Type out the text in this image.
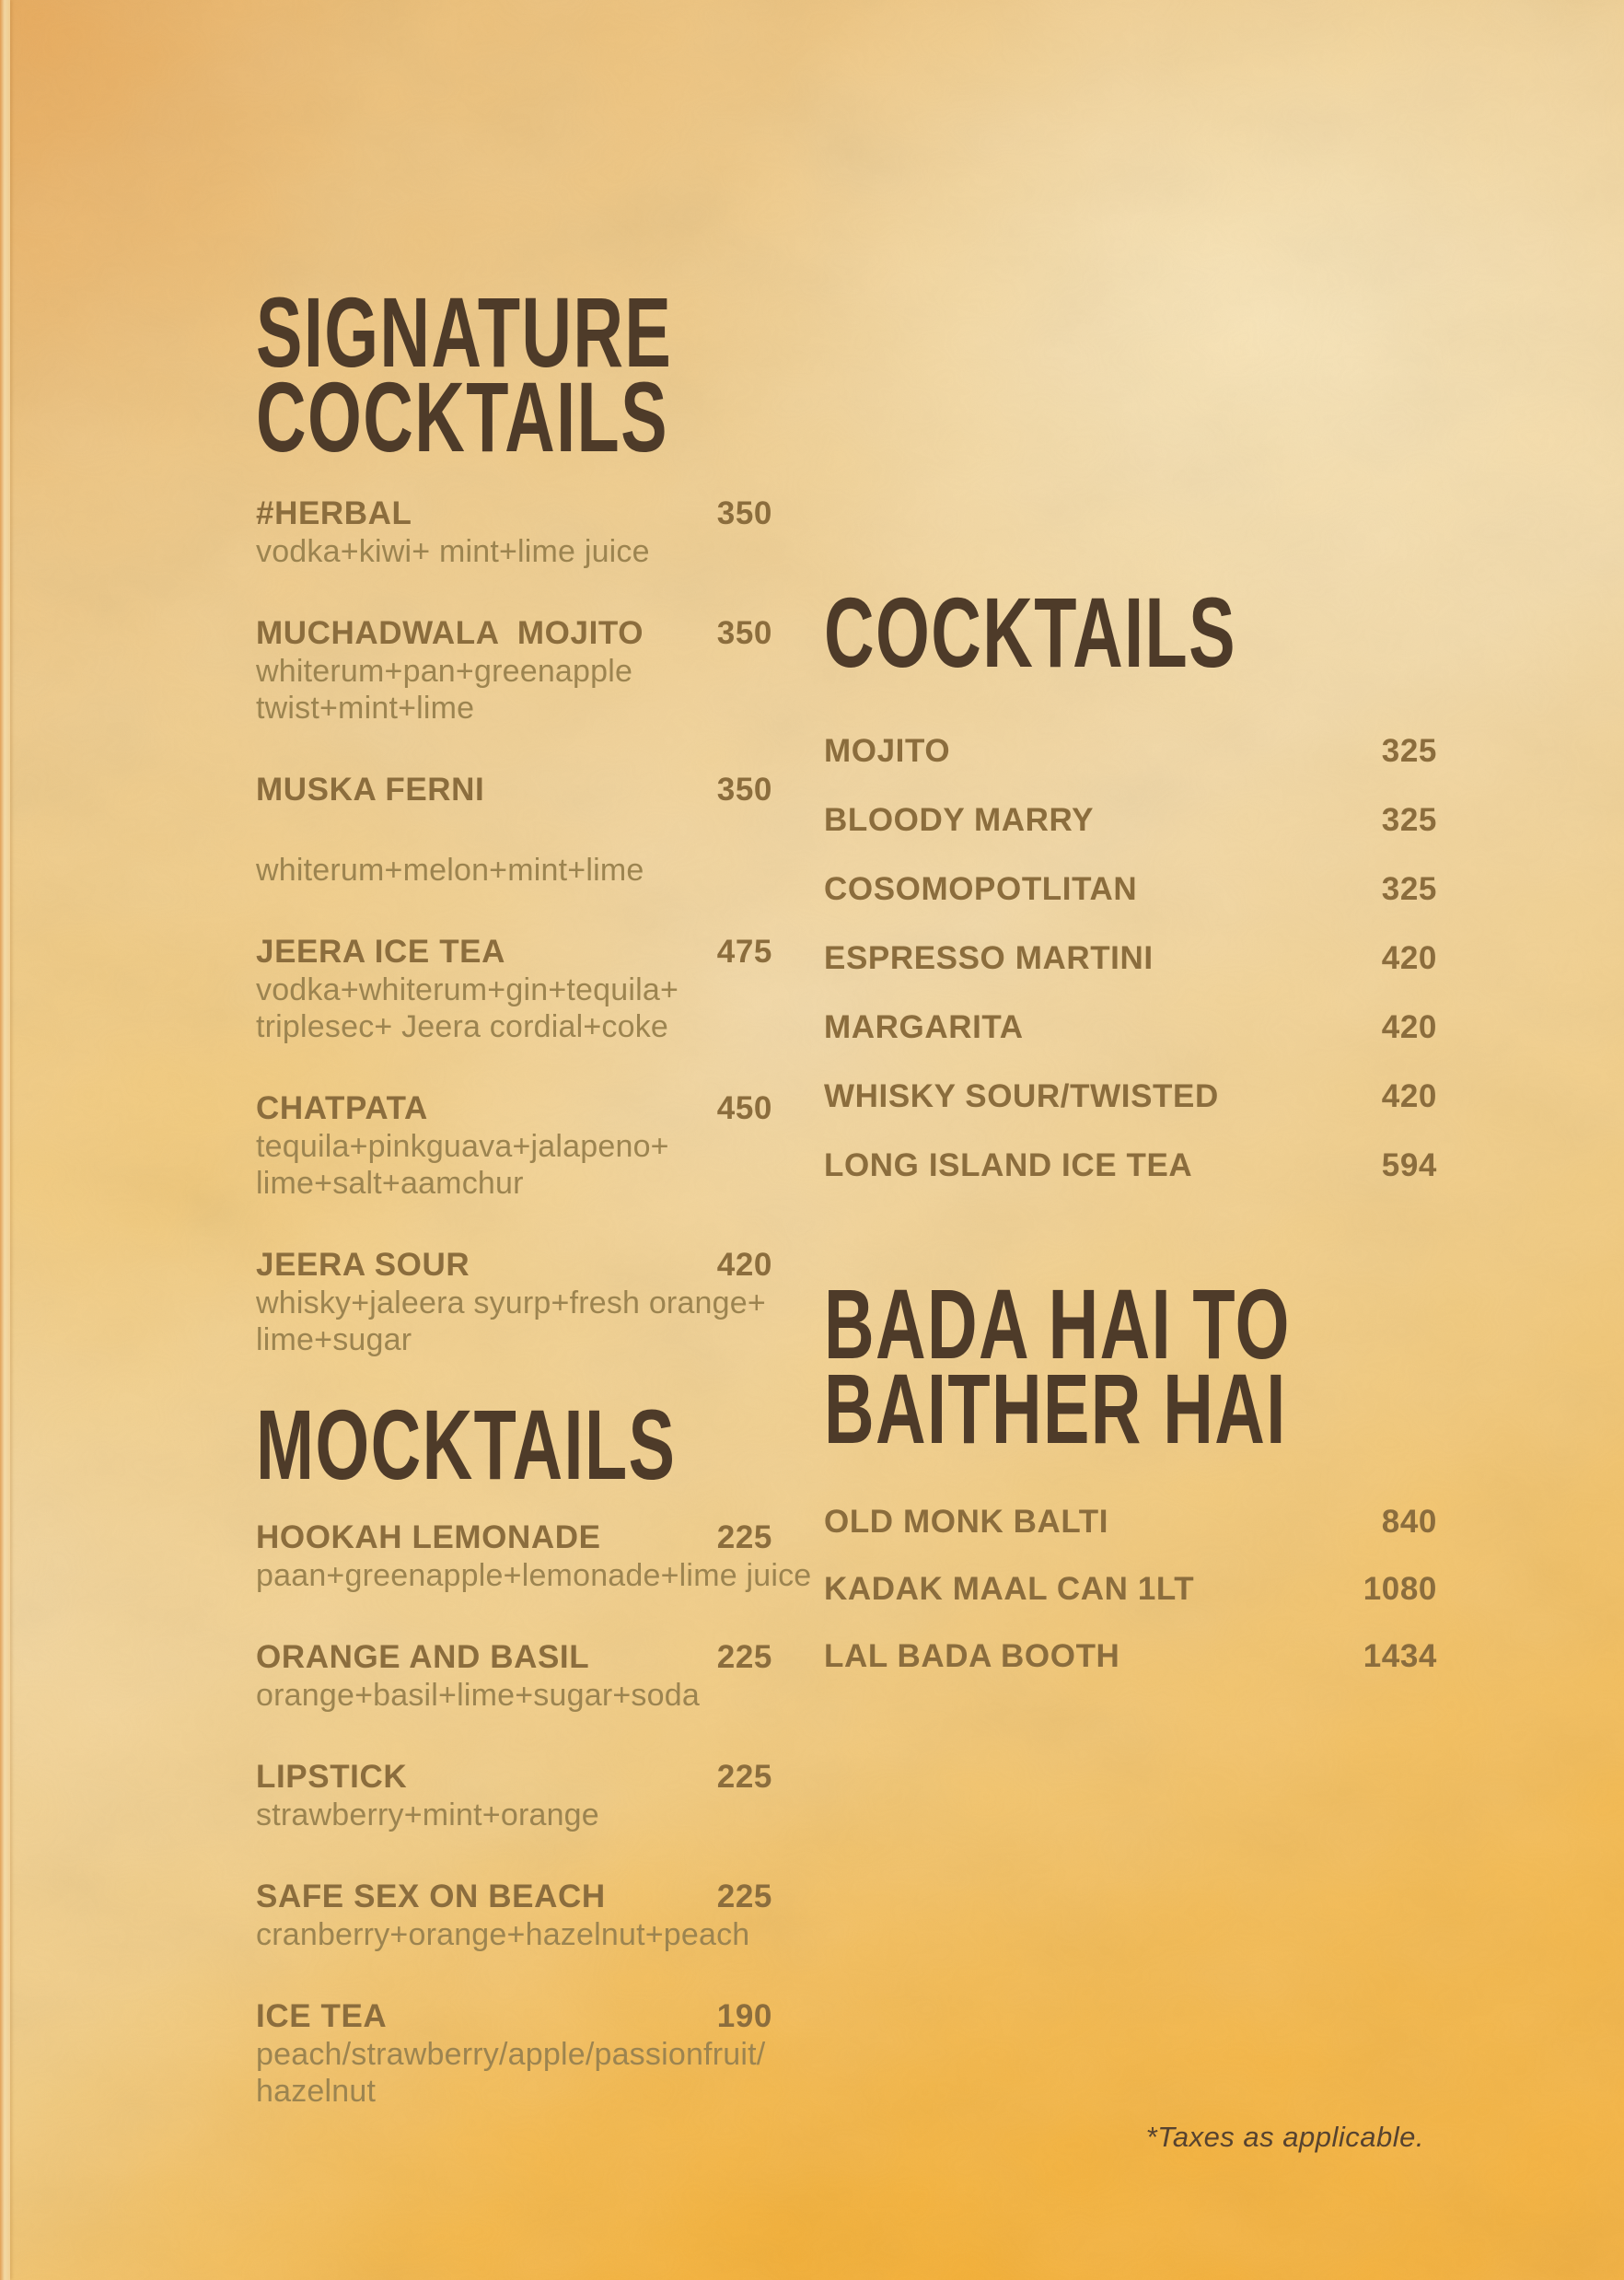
SIGNATURE
COCKTAILS
#HERBAL	350
vodka+kiwi+ mint+lime juice
MUCHADWALA  MOJITO 350
whiterum+pan+greenapple
twist+mint+lime
MUSKA FERNI	350
whiterum+melon+mint+lime
JEERA ICE TEA	475
vodka+whiterum+gin+tequila+
triplesec+ Jeera cordial+coke
CHATPATA	450
tequila+pinkguava+jalapeno+
lime+salt+aamchur
JEERA SOUR	420
whisky+jaleera syurp+fresh orange+
lime+sugar
MOCKTAILS
HOOKAH LEMONADE	225
paan+greenapple+lemonade+lime juice
ORANGE AND BASIL	225
orange+basil+lime+sugar+soda
LIPSTICK	225
strawberry+mint+orange
SAFE SEX ON BEACH	225
cranberry+orange+hazelnut+peach
ICE TEA	190
peach/strawberry/apple/passionfruit/
hazelnut
COCKTAILS
MOJITO	325
BLOODY MARRY	325
COSOMOPOTLITAN	325
ESPRESSO MARTINI	420
MARGARITA	420
WHISKY SOUR/TWISTED	420
LONG ISLAND ICE TEA	594
BADA HAI TO
BAITHER HAI
OLD MONK BALTI	840
KADAK MAAL CAN 1LT	1080
LAL BADA BOOTH	1434
*Taxes as applicable.
